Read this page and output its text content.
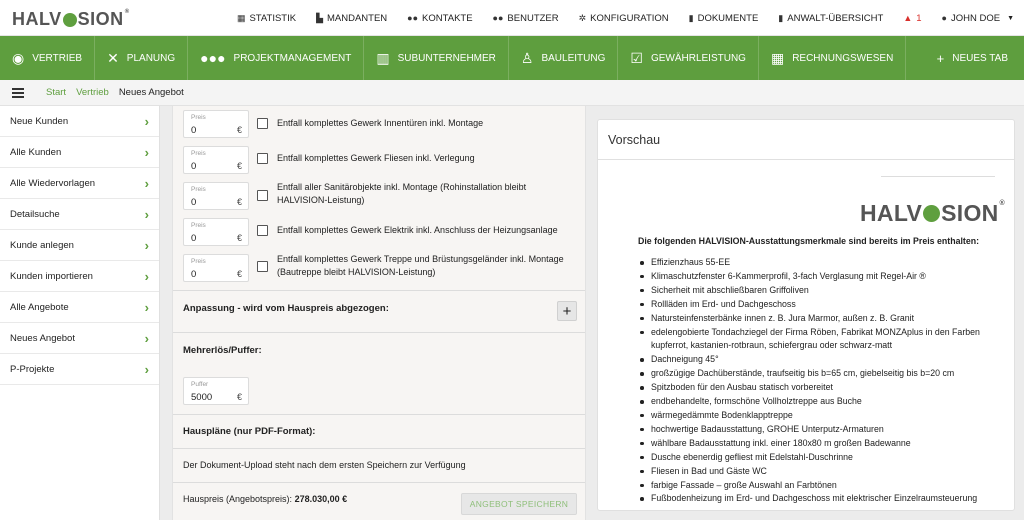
HALV SION ®
▦ STATISTIK ▙ MANDANTEN ●● KONTAKTE ●● BENUTZER ✲ KONFIGURATION ▮ DOKUMENTE ▮ ANWALT-ÜBERSICHT ▲ 1 ● JOHN DOE ▼
◉ VERTRIEB ✕ PLANUNG ●●● PROJEKTMANAGEMENT ▥ SUBUNTERNEHMER ♙ BAULEITUNG ☑ GEWÄHRLEISTUNG ▦ RECHNUNGSWESEN	+ NEUES TAB
Start Vertrieb Neues Angebot
Neue Kunden	›
Alle Kunden	›
Alle Wiedervorlagen	›
Detailsuche	›
Kunde anlegen	›
Kunden importieren	›
Alle Angebote	›
Neues Angebot	›
P-Projekte	›
Preis
0	€
Entfall komplettes Gewerk Innentüren inkl. Montage
Preis
0	€
Entfall komplettes Gewerk Fliesen inkl. Verlegung
Preis
0	€
Entfall aller Sanitärobjekte inkl. Montage (Rohinstallation bleibt HALVISION-Leistung)
Preis
0	€
Entfall komplettes Gewerk Elektrik inkl. Anschluss der Heizungsanlage
Preis
0	€
Entfall komplettes Gewerk Treppe und Brüstungsgeländer inkl. Montage (Bautreppe bleibt HALVISION-Leistung)
Anpassung - wird vom Hauspreis abgezogen:	+
Mehrerlös/Puffer:
Puffer
5000	€
Hauspläne (nur PDF-Format):
Der Dokument-Upload steht nach dem ersten Speichern zur Verfügung
Hauspreis (Angebotspreis): 278.030,00 €	ANGEBOT SPEICHERN
Vorschau
HALV SION ®
Die folgenden HALVISION-Ausstattungsmerkmale sind bereits im Preis enthalten:
Effizienzhaus 55-EE
Klimaschutzfenster 6-Kammerprofil, 3-fach Verglasung mit Regel-Air ®
Sicherheit mit abschließbaren Griffoliven
Rollläden im Erd- und Dachgeschoss
Natursteinfensterbänke innen z. B. Jura Marmor, außen z. B. Granit
edelengobierte Tondachziegel der Firma Röben, Fabrikat MONZAplus in den Farben kupferrot, kastanien-rotbraun, schiefergrau oder schwarz-matt
Dachneigung 45°
großzügige Dachüberstände, traufseitig bis b=65 cm, giebelseitig bis b=20 cm
Spitzboden für den Ausbau statisch vorbereitet
endbehandelte, formschöne Vollholztreppe aus Buche
wärmegedämmte Bodenklapptreppe
hochwertige Badausstattung, GROHE Unterputz-Armaturen
wählbare Badausstattung inkl. einer 180x80 m großen Badewanne
Dusche ebenerdig gefliest mit Edelstahl-Duschrinne
Fliesen in Bad und Gäste WC
farbige Fassade – große Auswahl an Farbtönen
Fußbodenheizung im Erd- und Dachgeschoss mit elektrischer Einzelraumsteuerung
